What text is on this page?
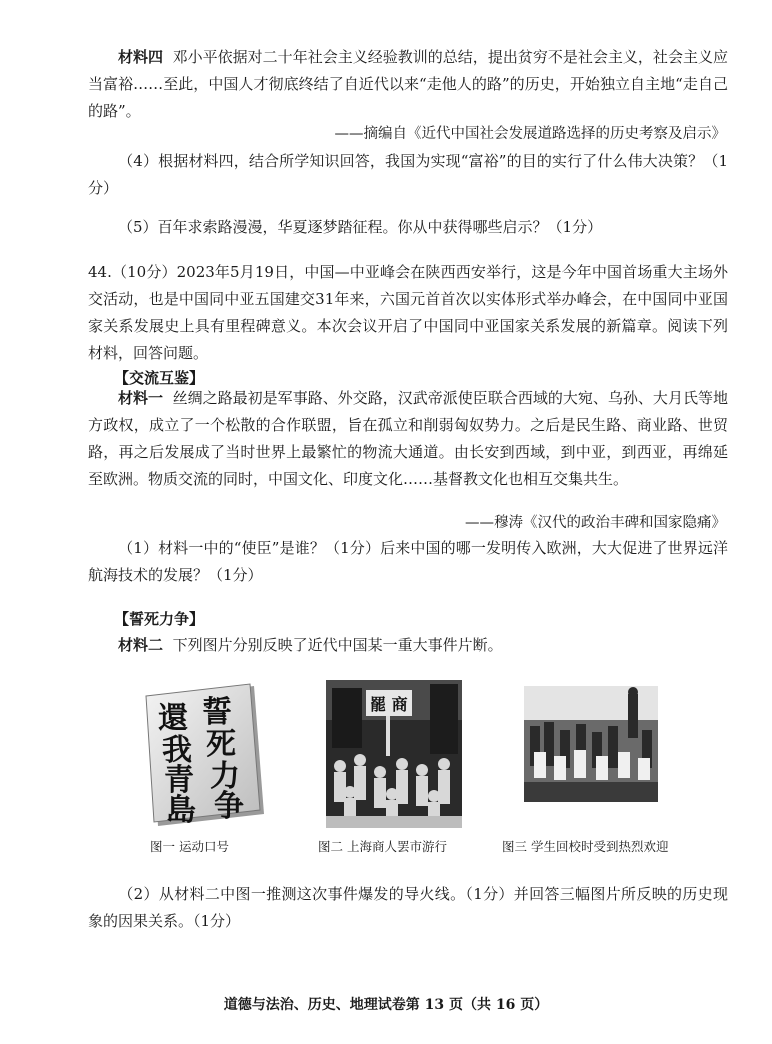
材料四 邓小平依据对二十年社会主义经验教训的总结，提出贫穷不是社会主义，社会主义应当富裕……至此，中国人才彻底终结了自近代以来“走他人的路”的历史，开始独立自主地“走自己的路”。

——摘编自《近代中国社会发展道路选择的历史考察及启示》

（4）根据材料四，结合所学知识回答，我国为实现“富裕”的目的实行了什么伟大决策？（1分）

（5）百年求索路漫漫，华夏逐梦踏征程。你从中获得哪些启示？（1分）

44.（10分）2023年5月19日，中国—中亚峰会在陕西西安举行，这是今年中国首场重大主场外交活动，也是中国同中亚五国建交31年来，六国元首首次以实体形式举办峰会，在中国同中亚国家关系发展史上具有里程碑意义。本次会议开启了中国同中亚国家关系发展的新篇章。阅读下列材料，回答问题。

【交流互鉴】

材料一 丝绸之路最初是军事路、外交路，汉武帝派使臣联合西域的大宛、乌孙、大月氏等地方政权，成立了一个松散的合作联盟，旨在孤立和削弱匈奴势力。之后是民生路、商业路、世贸路，再之后发展成了当时世界上最繁忙的物流大通道。由长安到西域，到中亚，到西亚，再绵延至欧洲。物质交流的同时，中国文化、印度文化……基督教文化也相互交集共生。

——穆涛《汉代的政治丰碑和国家隐痛》

（1）材料一中的“使臣”是谁？（1分）后来中国的哪一发明传入欧洲，大大促进了世界远洋航海技术的发展？（1分）

【誓死力争】

材料二 下列图片分别反映了近代中国某一重大事件片断。

誓
死
力
争
還
我
青
島
罷 商
图一 运动口号	图二 上海商人罢市游行	图三 学生回校时受到热烈欢迎

（2）从材料二中图一推测这次事件爆发的导火线。（1分）并回答三幅图片所反映的历史现象的因果关系。（1分）

道德与法治、历史、地理试卷第 13 页（共 16 页）
